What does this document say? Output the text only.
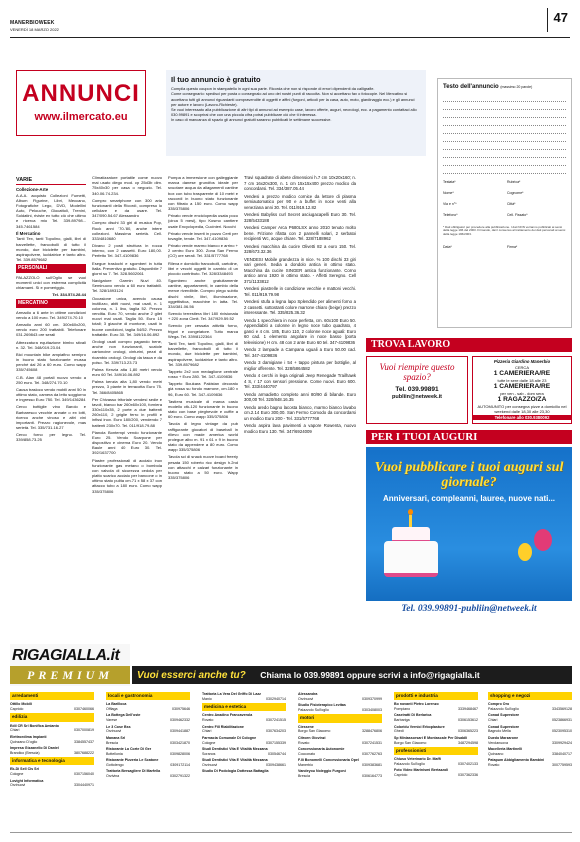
MANERBIOWEEK
VENERDÌ 18 MARZO 2022
47
ANNUNCI
www.ilmercato.eu
Il tuo annuncio è gratuito

Compila questo coupon in stampatello in ogni sua parte. Ricorda che non si risponde di errori dipendenti da calligrafie.

Come consegnarlo: spedisci per posta o consegnalo ad uno dei nostri punti di raccolta. Non si accettano fax o fotocopie. Nel Mercatino si accettano tutti gli annunci riguardanti compravendite di oggetti e affini (furgoni, articoli per la casa, auto, moto, giardinaggio ecc.) e gli annunci per autore e lavoro (Lavoro-Richieste).

Se vuoi interessato alla pubblicazione di altri tipi di annunci ad esempio case, lavoro offerte, auguri, necrologi, ecc. a pagamento contattaci allo 030.99891 e scoprirai che con una piccola cifra potrai pubblicare ciò che ti interessa.

In caso di mancanza di spazio gli annunci gratuiti saranno pubblicati le settimane successive.

Testo dell'annuncio (massimo 20 parole)
Testata*	Rubrica*
Nome*	Cognome*
Via e n°*	Città*
Telefono*	Cell. Fissato*
* Dati obbligatori per procedere alla pubblicazione. I dati NON verranno pubblicati ai sensi della legge 196 del 2003. Firmando, dai il consenso al trattamento dei dati personali ai sensi della legge 196/2003.
Data*	Firma*
VARIE
Collezione-Arte

A.A.A. acquisto Collezioni Fumetti, Album Figurine, Libri, Meccano, Fotografiche Lego, DVD, Modellini Auto, Pelouche, Giocattoli, Trenini, Soldatini, riviste ex tutto ciò che ultimo e ricerca mio Tel. 339.89798... 345.7461584

Il Mercatino

Tanti Tex, tanti Topolino, gialli, libri di barzellette, francobolli di tutto il mondo, due biciclette per bambini, aspirapolvere, lucidatrice e tanto altro. Tel. 339.8579682

PERSONALI

PALAZZOLO sull'Oglio se vuoi momenti unici con estrema complicità chiamami. Sì e pomeriggio.

Tel. 334.574.28.44
MERCATINO

Armadio a 6 ante in ottime condizioni vendo a 100 euro. Tel. 349/274.70.10

Armadio anni 60 cm. 300x60x200, vendo euro 200 trattabili. Telefonare 031.269843 ore serali

Attrezzatura equitazione bimbo stivali n. 32. Tel. 348/019.23.04

Bici mountain bike ampiafino semipro in buono stato funzionante mussa perchè dal 26 a 60 euro. Como wapp 335/745608

C.B. Alan 48 portali nuovo vendo a 250 euro. Tel. 348/274.70.10

Causa trasloco vendo mobili anni 50 in ottimo stato, camera da letto soggiorno e ingresso Euro 750. Tel. 349/1436284

Cerco bottiglie vino Barolo e Barbaresco vecchie annate o ex lotti, ricerco anche vinoso e altri vini importanti. Prezzo ragionevole, mas serietà. Tel. 335/731.16.27

Cerco forno per legno. Tel. 339/858.73.25

Climatizzatore portatile come nuovo mai usato diego mod. cp 25d3b dim. 75x40x30 per casa o negozio. Tel. 340.06.74.234.

Compro smartphone con 300 aria funzionanti della Ricordì, compreso lo cellulare e da usare. Tel. 347/090.54.67 Alessandro

Compro dischi 33 giri di musica Pop, Rock anni '70-'80, anche intere collezioni. Massima serietà. Cell. 333/4810680

Divano 2 posti struttura in rocca interno, con 2 cassetti. Euro 180,00. Perfetto Tel. 347-4109836

Esegue traslochi e sgomberi in tutta Italia. Preventivo gratuito. Disponibile 7 giorni su 7. Tel. 328.5602061

Navigatore Garmin Nuvi 40. Seminuovo vendo a 60 euro trattabili. Tel. 328/1893124

Occasione unica, avendo causa inutilizzo, abiti nuovi, mai usati, n. 1 colonna, n. 1 lino, taglia 52. Prezzo vendita. Euro 70, vendo anche 2 gilet nuovi mai usati. Taglia 50. Euro 15 totali; 3 giacche di montone, usati in buone condizioni, taglia 54/52. Prezzo trattabile. Euro 30. Tel. 349/16.06.892

Orologi usati compro pagando bene, anche non funzionanti, scatole cartoncine orologi, cinturini, pezzi di ricambio orologi. Orologi da tasca e da polso. Tel. 339/713.23.73

Palma Kenzia alta 1,80 metri vendo euro 60 Tel. 349/16.06.892

Palma kenzia alta 1,80 vendo metri prezzo, 3 piante in terracotta Euro 75. Tel. 366/8405865

Per Chivasso tritoriale vendesi sedie e tavoli, bianco bar 260x60x100, forniera 330x110x35, 2 porte a due battenti 260x110, 2 griglie ferro in profili e infissi inox. Euro 180/200, vendendo 7 battenti 230x70. Tel. 011/918.79.88

Pianola Bontempi vendo funzionante Euro 25. Vendo Scarpone per dispositivo e cinema Euro 20. Vendo Baule anni 40 Euro 30. Tel. 392/1637700

Piastre professionali di acciaio inox funzionante gas metano o bombola con valvola di sicurezza cedola per piatto scarico acciaio per bancone o in ottimo stato pulita cm.71 x 58 x 37 con attacco tubo a 180 euro. Como wapp 335/375806

Pompa a immersione con galleggiante marca danese grundfos ideale per svuotare acqua da allagamenti cantine box con tubo trasparente di 10 metri e raccordi in buono stato funzionante con filtrato a 150 euro. Como wapp 335/375806

Privato vende enciclopedia usata poco (circa 5 mesi), tipo Kosmo cantiere usate Encyclopedia, Cucinieri. Nocchi

Privato vende inserti in pozzo Certi per tovaglie, tende. Tel. 347-4109836

Privato vende marmo bianco e arrino + 2 centro Euro 300. Zona San Fermo (CO) ore serali. Tel. 331/5777768

Rileva e domicilio francobolli, cartoline, libri e vecchi oggetti in cambio di un piccolo contributo. Tel. 328/3348493

Sgombero anche gratuitamente cantine, appartamenti, in cambio della merce riverdibile. Compro piego subito dischi vinile, libri, illuminazione, oggettistica, macchine in latta. Tel. 334/381.06.56

Svendo terrestiera libri 180 rivisionata + 220 zona Cimit. Tel. 347/929.59.52

Svendo per cessata attività forno, frigori e congelatore. Tutto marca Wega. Tel. 339/8122364

Tanti Tex, tanti Topolino, gialli, libri di barzellette, francobolli di tutto il mondo, due biciclette per bambini, aspirapolvere, lucidatrice e tanto altro. Tel. 339.8579682

Tappeto 2x2 con medaglione centrale rosso + Euro 280. Tel. 347-4109836

Tappeto Boukara Pakistan decorato già rossa su fondo marrone, cm.180 x 96, Euro 60. Tel. 347-4109836

Tastiera musicale di marca casio modello ctk-120 funzionante in buono stato con base pieghevole e cuffie a 60 euro. Como wapp 335/375806

Tavola di legno vintage da pub raffigurante giocatori di baseball in rilievo con made america world prolegue albo m. 91 x 61 x 9 in buono stato da appendere a 80 euro. Como wapp 335/375806

Tavola sci di snack nuove board freeriy pesata 150 roberto ricc design h.2nd con attacchi e calzari funzionante in buono stato a 50 euro. Wapp 335/375806

Travi squadrate di abete dimensioni h.7 cm 10x20x160; n. 7 cm 16x20x300, n. 1 cm 15x15x400 prezzo modico da concordarsi. Tel. 334/387.05.44

Vendesi a prezzo modico cornice da lettore di plasma semiautomatico per 90 e a buffet in noce venti alla veneziana anni 30. Tel. 011/919.12.82

Vendesi Babyliss curl Secret asciugacapelli Euro 30. Tel. 328/5433188

Vendesi Camper Arca P680LSX anno 2010 tenuto molto bene. Frizione rifatta con 2 pannelli solari, 2 serbatoi recipienti Wc, acque chiare. Tel. 328/7188962

Vendesi macchina da cucire Olivetti 82 a euro 150. Tel. 328/673.32.36

VENDESI Mobile grandezza in nice. % 100 dischi 33 giri vari generi. Sedia a dondolo antica in ottimo stato. Macchina da cucire SINGER antica funzionante. Corno antico anno 1920 in ottimo stato. - Affetti Seregno. Cell 371/1133812

Vendesi piastrelle in condizione vecchie e mattoni vecchi. Tel. 011/919.79.98

Vendesi stufa a legna lapo Splendido per alimenti forno a 2 cassetti. sottostanti colore marrone chiaro (beige) prezzo interessante. Tel. 335/825.36.32

Vendo 1 specchiera in noce perfetta, cm. 60x100 Euro 50. Appendiabiti a colonne in legno noce tubo quadrato, 4 ganci e 4 cm. 185, Euro 110, 2 colonne noce aguali: Euro 60 cad. 1 elemento angolare in noce basso (porta televisione) H cm. 48 con 2 ante Euro 60 tel. 347-4109836

Vendo 2 lampade a Campana uguali a Euro 50.00 cad. Tel. 347-4109836

Vendo 3 damigiane i 54 + tappo pintura per bottiglie, al miglior offerente. Tel. 328/5864582

Vendo 4 cerchi in lega originali Jeep Renegade Trailhawk 4 S, r 17 con sensori pressione. Come nuovi. Euro 600. Tel. 333/4440797

Vendo armadietto completo anni 80/90 di bilande. Euro 300,00 Tel. 320/848.16.35

Vendo aredo bagno lacosta bianco, marmo bianco lavabo cm.2.14 Euro 300,00. San Fermo Comodo da concordarsi un modico Euro 200 - Tel. 331/5777768

Vendo aspira lava pavimenti a vapore Rowenta, nuovo modico Euro 130. Tel. 347/6924009

TROVA LAVORO
Vuoi riempire questo spazio?
Tel. 039.99891
publiin@netweek.it
Pizzeria Giardino Manerbio
CERCA
1 CAMERIERA/RE
tutte le sere dalle 18 alle 23
1 CAMERIERA/RE
per ven - sab - dom sera
1 RAGAZZO/ZA
AUTOMUNITO per consegna pizze a domicilio nel weekend dalle 18,30 alle 23,30
Telefonare allo 030.9380092
PER I TUOI AUGURI
Vuoi pubblicare i tuoi auguri sul giornale?
Anniversari, compleanni, lauree, nuove nati...
Tel. 039.99891-publiin@netweek.it
RIGAGIALLA.it
PREMIUM	Vuoi esserci anche tu? Chiama lo 039.99891 oppure scrivi a info@rigagialla.it
arredamenti
Ottillo Mobili
Capriolo	0307460066
edilizia
Edil CR Srl Bonifica Amianto
Chiari	0307000819
Elettroedima Impianti
Quinzano D'oglio	3384557437
Impresa Gizzanello Di Daniel
Brandico (Brescia)	3807688222
informatica e tecnologia
Ek-Di Sell Cis Sri
Cologne	0307156040
Lovight Informatica
Orzinuovi	3304440971
locali e gastronomia
La Barilloca
Offlaga	030975646
La Bottega Dell'oste
Varese	0309462332
Le 3 Cose Bss
Orzinuovi	0309441887
Manana Srl
Brescia	0303421870
Ristorante La Corte Di Ger
Bottellonia	0309828006
Ristorante Pizzeria Le Scatone
Gottolengo	0309172114
Trattoria Bersagliere Di Marfella
Orzivina	0302791322
Trattoria La Vera Del Griffo Di Lazz
Manio	0302940714
medicina e estetica
Centro Anadino Francaverola
Rovato	0307241515
Centro Fill Riabilitazione
Chiari	0307634203
Farmacia Comunale Di Cologne
Cologne	0307155339
Studi Dentistici Vita E Vitalità Mezzana
Soranos	030546744
Studi Dentistici Vita E Vitalità Mezzana
Orzinuovi	0309438661
Studio Di Podologia Dottessa Battaglia
Alessandra
Orzinuovi	0309370999
Studio Fisioterapico Levitas
Palazzolo Sull'oglio	0303408003
motori
Ciessene
Borgo San Giacomo	3288476806
Citroen Giovinzi
Rovato	0307241531
Concessionaria Autonomie
Cocconato	0307762763
F.lli Bonomelli Concessionaria Opel
Manerbio	0309383681
Vandeyou Noleggio Furgoni
Brescia	0306164773
prodotti e industria
Bo novanti Pietro Lorenzo
Pompiano	3339468467
Caseiratti Di Berlarica
Barbariga	0306153612
Coloridu Vernici Erboplasture
Ghedi	0306365223
Sp Miniassorsari E Montascale Per Disabili
Borgo San Giacomo	3487294598
professionisti
Chiuso Veterinario Dr. Maffi
Palazzolo Sull'oglio	0307402133
Foto Video Marinismi Bertazzoli
Capriolo	0307362336
shopping e negozi
Compro Oro
Palazzolo Sull'oglio	3343569128
Conad Superstore
Chiari	0523866931
Conad Superstore
Bagnolo Mella	0523095310
Duedo Marzarone
Verolanuova	3309929424
Macelleria Martinelli
Quinzano	3384040717
Patapum Abbigliamento Bambini
Rovato	3007759593
